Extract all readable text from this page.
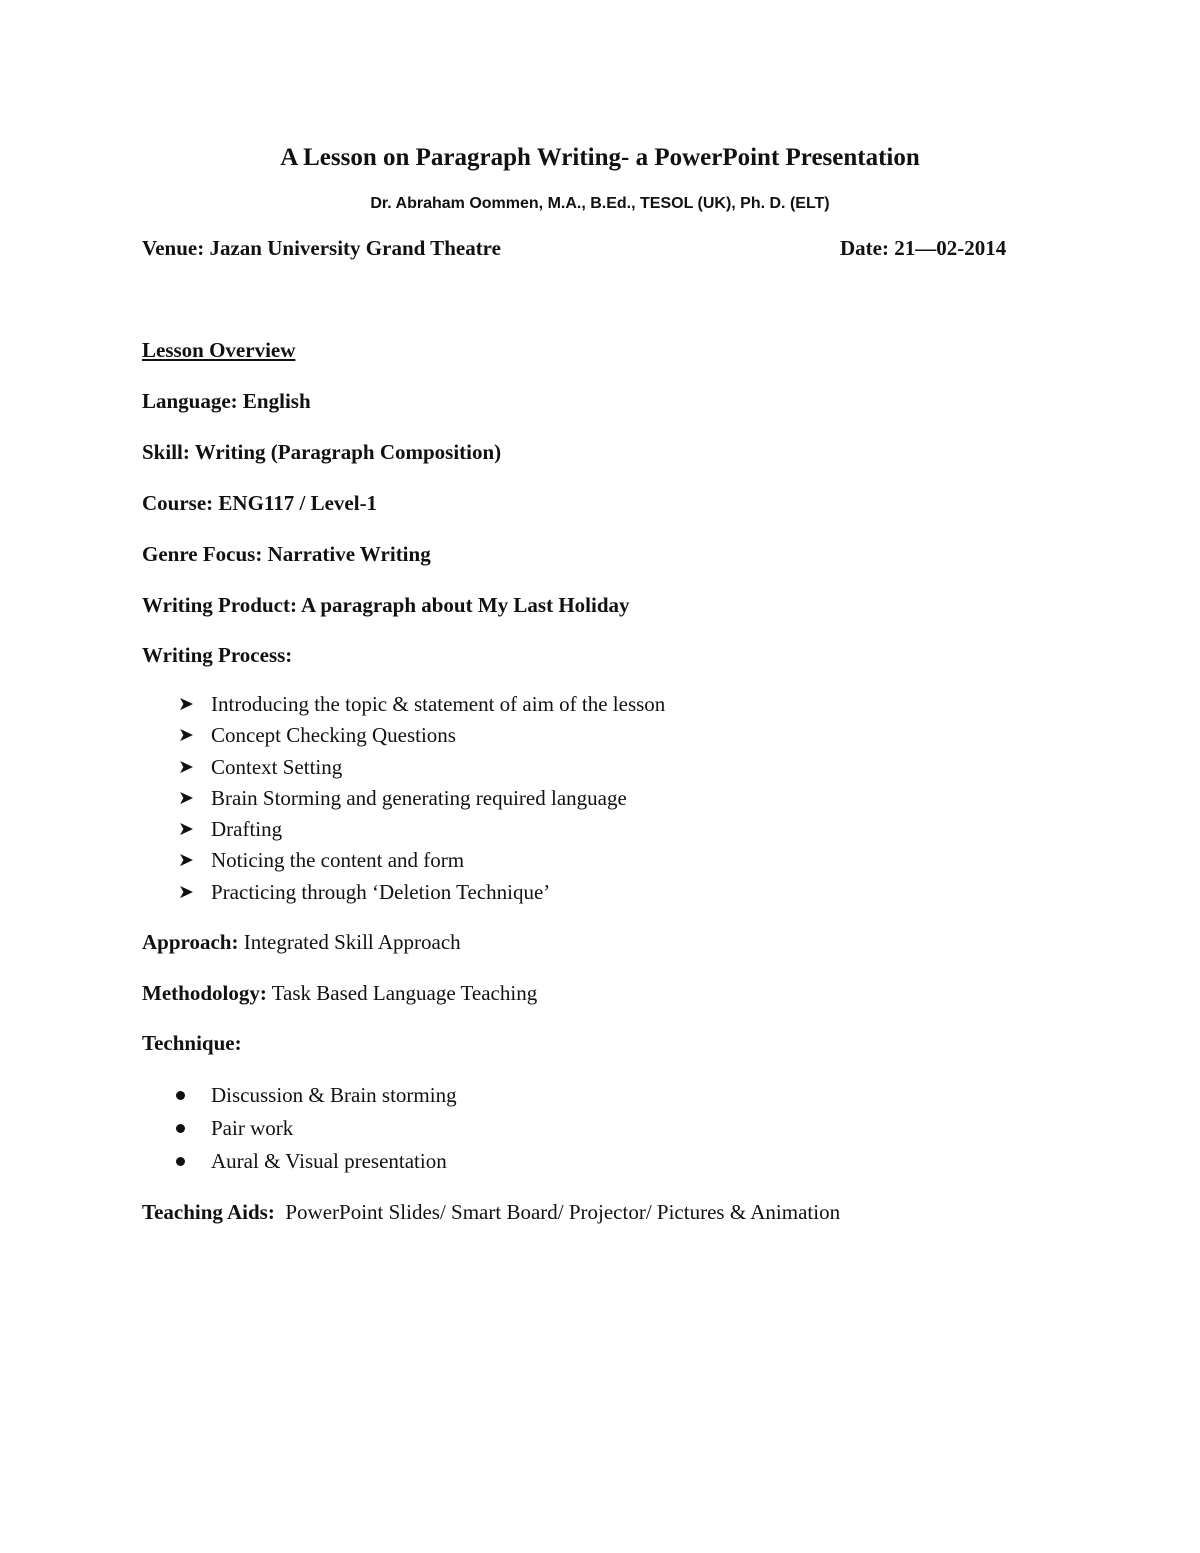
A Lesson on Paragraph Writing- a PowerPoint Presentation
Dr. Abraham Oommen, M.A., B.Ed., TESOL (UK), Ph. D. (ELT)
Venue: Jazan University Grand Theatre	Date: 21—02-2014
Lesson Overview
Language: English
Skill: Writing (Paragraph Composition)
Course: ENG117 / Level-1
Genre Focus: Narrative Writing
Writing Product: A paragraph about My Last Holiday
Writing Process:
➤ Introducing the topic & statement of aim of the lesson
➤ Concept Checking Questions
➤ Context Setting
➤ Brain Storming and generating required language
➤ Drafting
➤ Noticing the content and form
➤ Practicing through ‘Deletion Technique’
Approach: Integrated Skill Approach
Methodology: Task Based Language Teaching
Technique:
Discussion & Brain storming
Pair work
Aural & Visual presentation
Teaching Aids:  PowerPoint Slides/ Smart Board/ Projector/ Pictures & Animation
